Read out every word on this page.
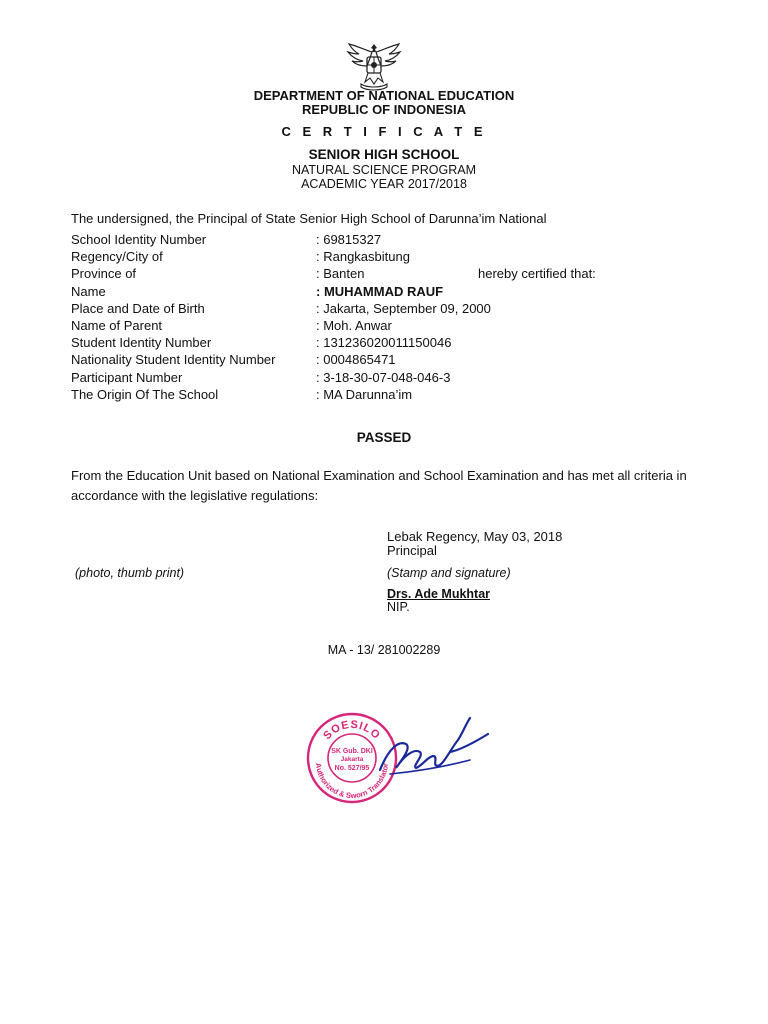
DEPARTMENT OF NATIONAL EDUCATION
REPUBLIC OF INDONESIA
C E R T I F I C A T E
SENIOR HIGH SCHOOL
NATURAL SCIENCE PROGRAM
ACADEMIC YEAR 2017/2018
The undersigned, the Principal of State Senior High School of Darunna’im National
School Identity Number	: 69815327
Regency/City of	: Rangkasbitung
Province of	: Banten	hereby certified that:
Name	: MUHAMMAD RAUF
Place and Date of Birth	: Jakarta, September 09, 2000
Name of Parent	: Moh. Anwar
Student Identity Number	: 131236020011150046
Nationality Student Identity Number	: 0004865471
Participant Number	: 3-18-30-07-048-046-3
The Origin Of The School	: MA Darunna’im
PASSED
From the Education Unit based on National Examination and School Examination and has met all criteria in accordance with the legislative regulations:
Lebak Regency, May 03, 2018
Principal
(photo, thumb print)	(Stamp and signature)
Drs. Ade Mukhtar
NIP.
MA - 13/ 281002289
SOESILO
Authorized & Sworn Translator
SK Gub. DKI
Jakarta
No. 527/95
